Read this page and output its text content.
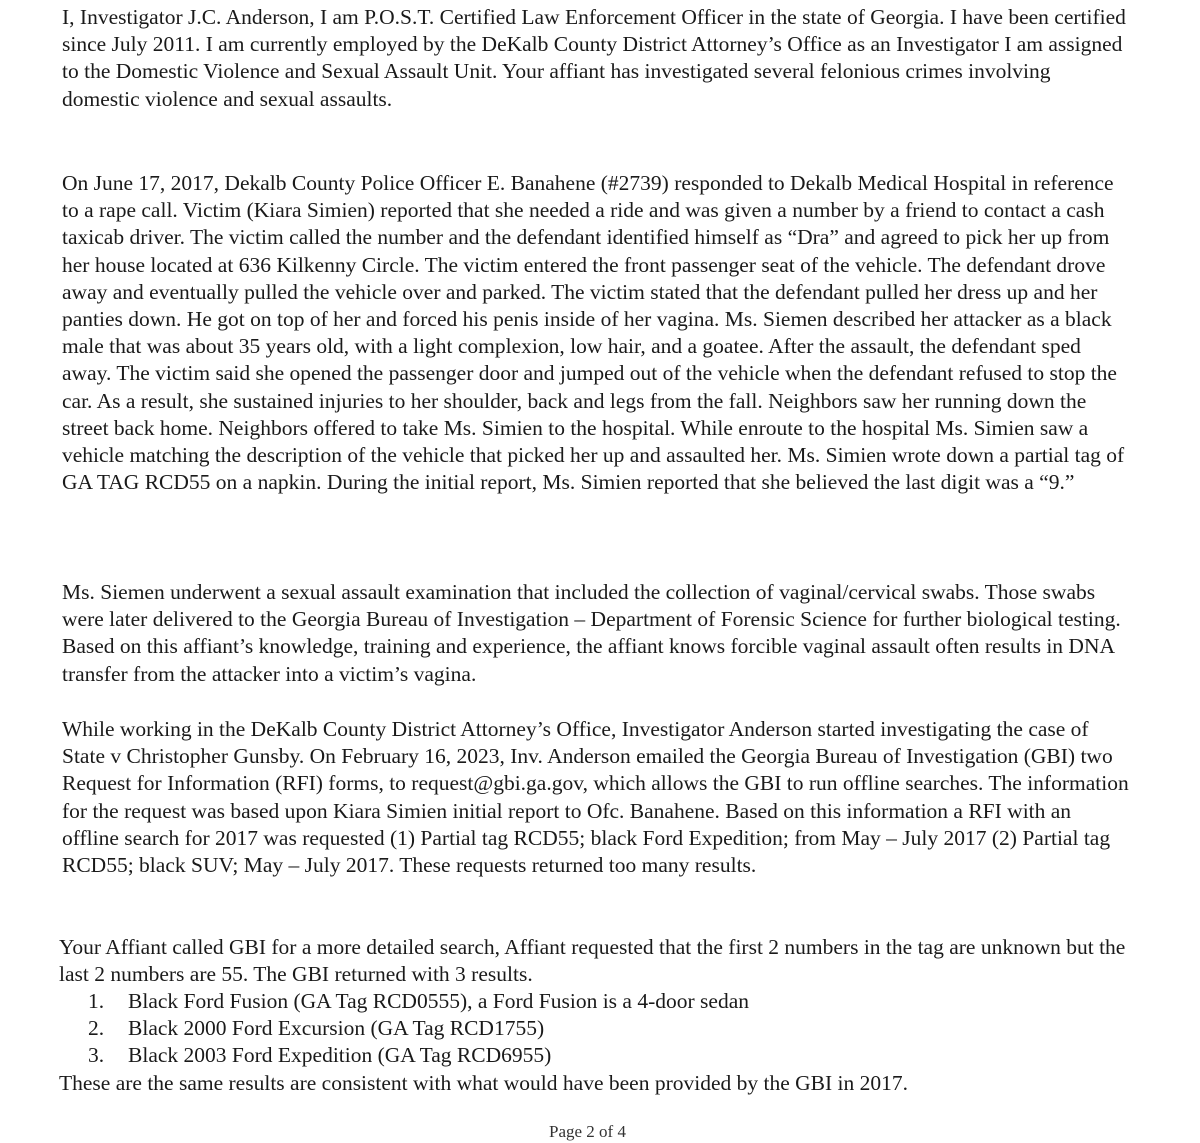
I, Investigator J.C. Anderson, I am P.O.S.T. Certified Law Enforcement Officer in the state of Georgia. I have been certified since July 2011. I am currently employed by the DeKalb County District Attorney’s Office as an Investigator I am assigned to the Domestic Violence and Sexual Assault Unit. Your affiant has investigated several felonious crimes involving domestic violence and sexual assaults.

On June 17, 2017, Dekalb County Police Officer E. Banahene (#2739) responded to Dekalb Medical Hospital in reference to a rape call. Victim (Kiara Simien) reported that she needed a ride and was given a number by a friend to contact a cash taxicab driver. The victim called the number and the defendant identified himself as “Dra” and agreed to pick her up from her house located at 636 Kilkenny Circle. The victim entered the front passenger seat of the vehicle. The defendant drove away and eventually pulled the vehicle over and parked. The victim stated that the defendant pulled her dress up and her panties down. He got on top of her and forced his penis inside of her vagina. Ms. Siemen described her attacker as a black male that was about 35 years old, with a light complexion, low hair, and a goatee. After the assault, the defendant sped away. The victim said she opened the passenger door and jumped out of the vehicle when the defendant refused to stop the car. As a result, she sustained injuries to her shoulder, back and legs from the fall. Neighbors saw her running down the street back home. Neighbors offered to take Ms. Simien to the hospital. While enroute to the hospital Ms. Simien saw a vehicle matching the description of the vehicle that picked her up and assaulted her. Ms. Simien wrote down a partial tag of GA TAG RCD55 on a napkin. During the initial report, Ms. Simien reported that she believed the last digit was a “9.”

Ms. Siemen underwent a sexual assault examination that included the collection of vaginal/cervical swabs. Those swabs were later delivered to the Georgia Bureau of Investigation – Department of Forensic Science for further biological testing. Based on this affiant’s knowledge, training and experience, the affiant knows forcible vaginal assault often results in DNA transfer from the attacker into a victim’s vagina.

While working in the DeKalb County District Attorney’s Office, Investigator Anderson started investigating the case of State v Christopher Gunsby. On February 16, 2023, Inv. Anderson emailed the Georgia Bureau of Investigation (GBI) two Request for Information (RFI) forms, to request@gbi.ga.gov, which allows the GBI to run offline searches. The information for the request was based upon Kiara Simien initial report to Ofc. Banahene. Based on this information a RFI with an offline search for 2017 was requested (1) Partial tag RCD55; black Ford Expedition; from May – July 2017 (2) Partial tag RCD55; black SUV; May – July 2017. These requests returned too many results.

Your Affiant called GBI for a more detailed search, Affiant requested that the first 2 numbers in the tag are unknown but the last 2 numbers are 55. The GBI returned with 3 results.

1.	Black Ford Fusion (GA Tag RCD0555), a Ford Fusion is a 4-door sedan
2.	Black 2000 Ford Excursion (GA Tag RCD1755)
3.	Black 2003 Ford Expedition (GA Tag RCD6955)

These are the same results are consistent with what would have been provided by the GBI in 2017.

Page 2 of 4
